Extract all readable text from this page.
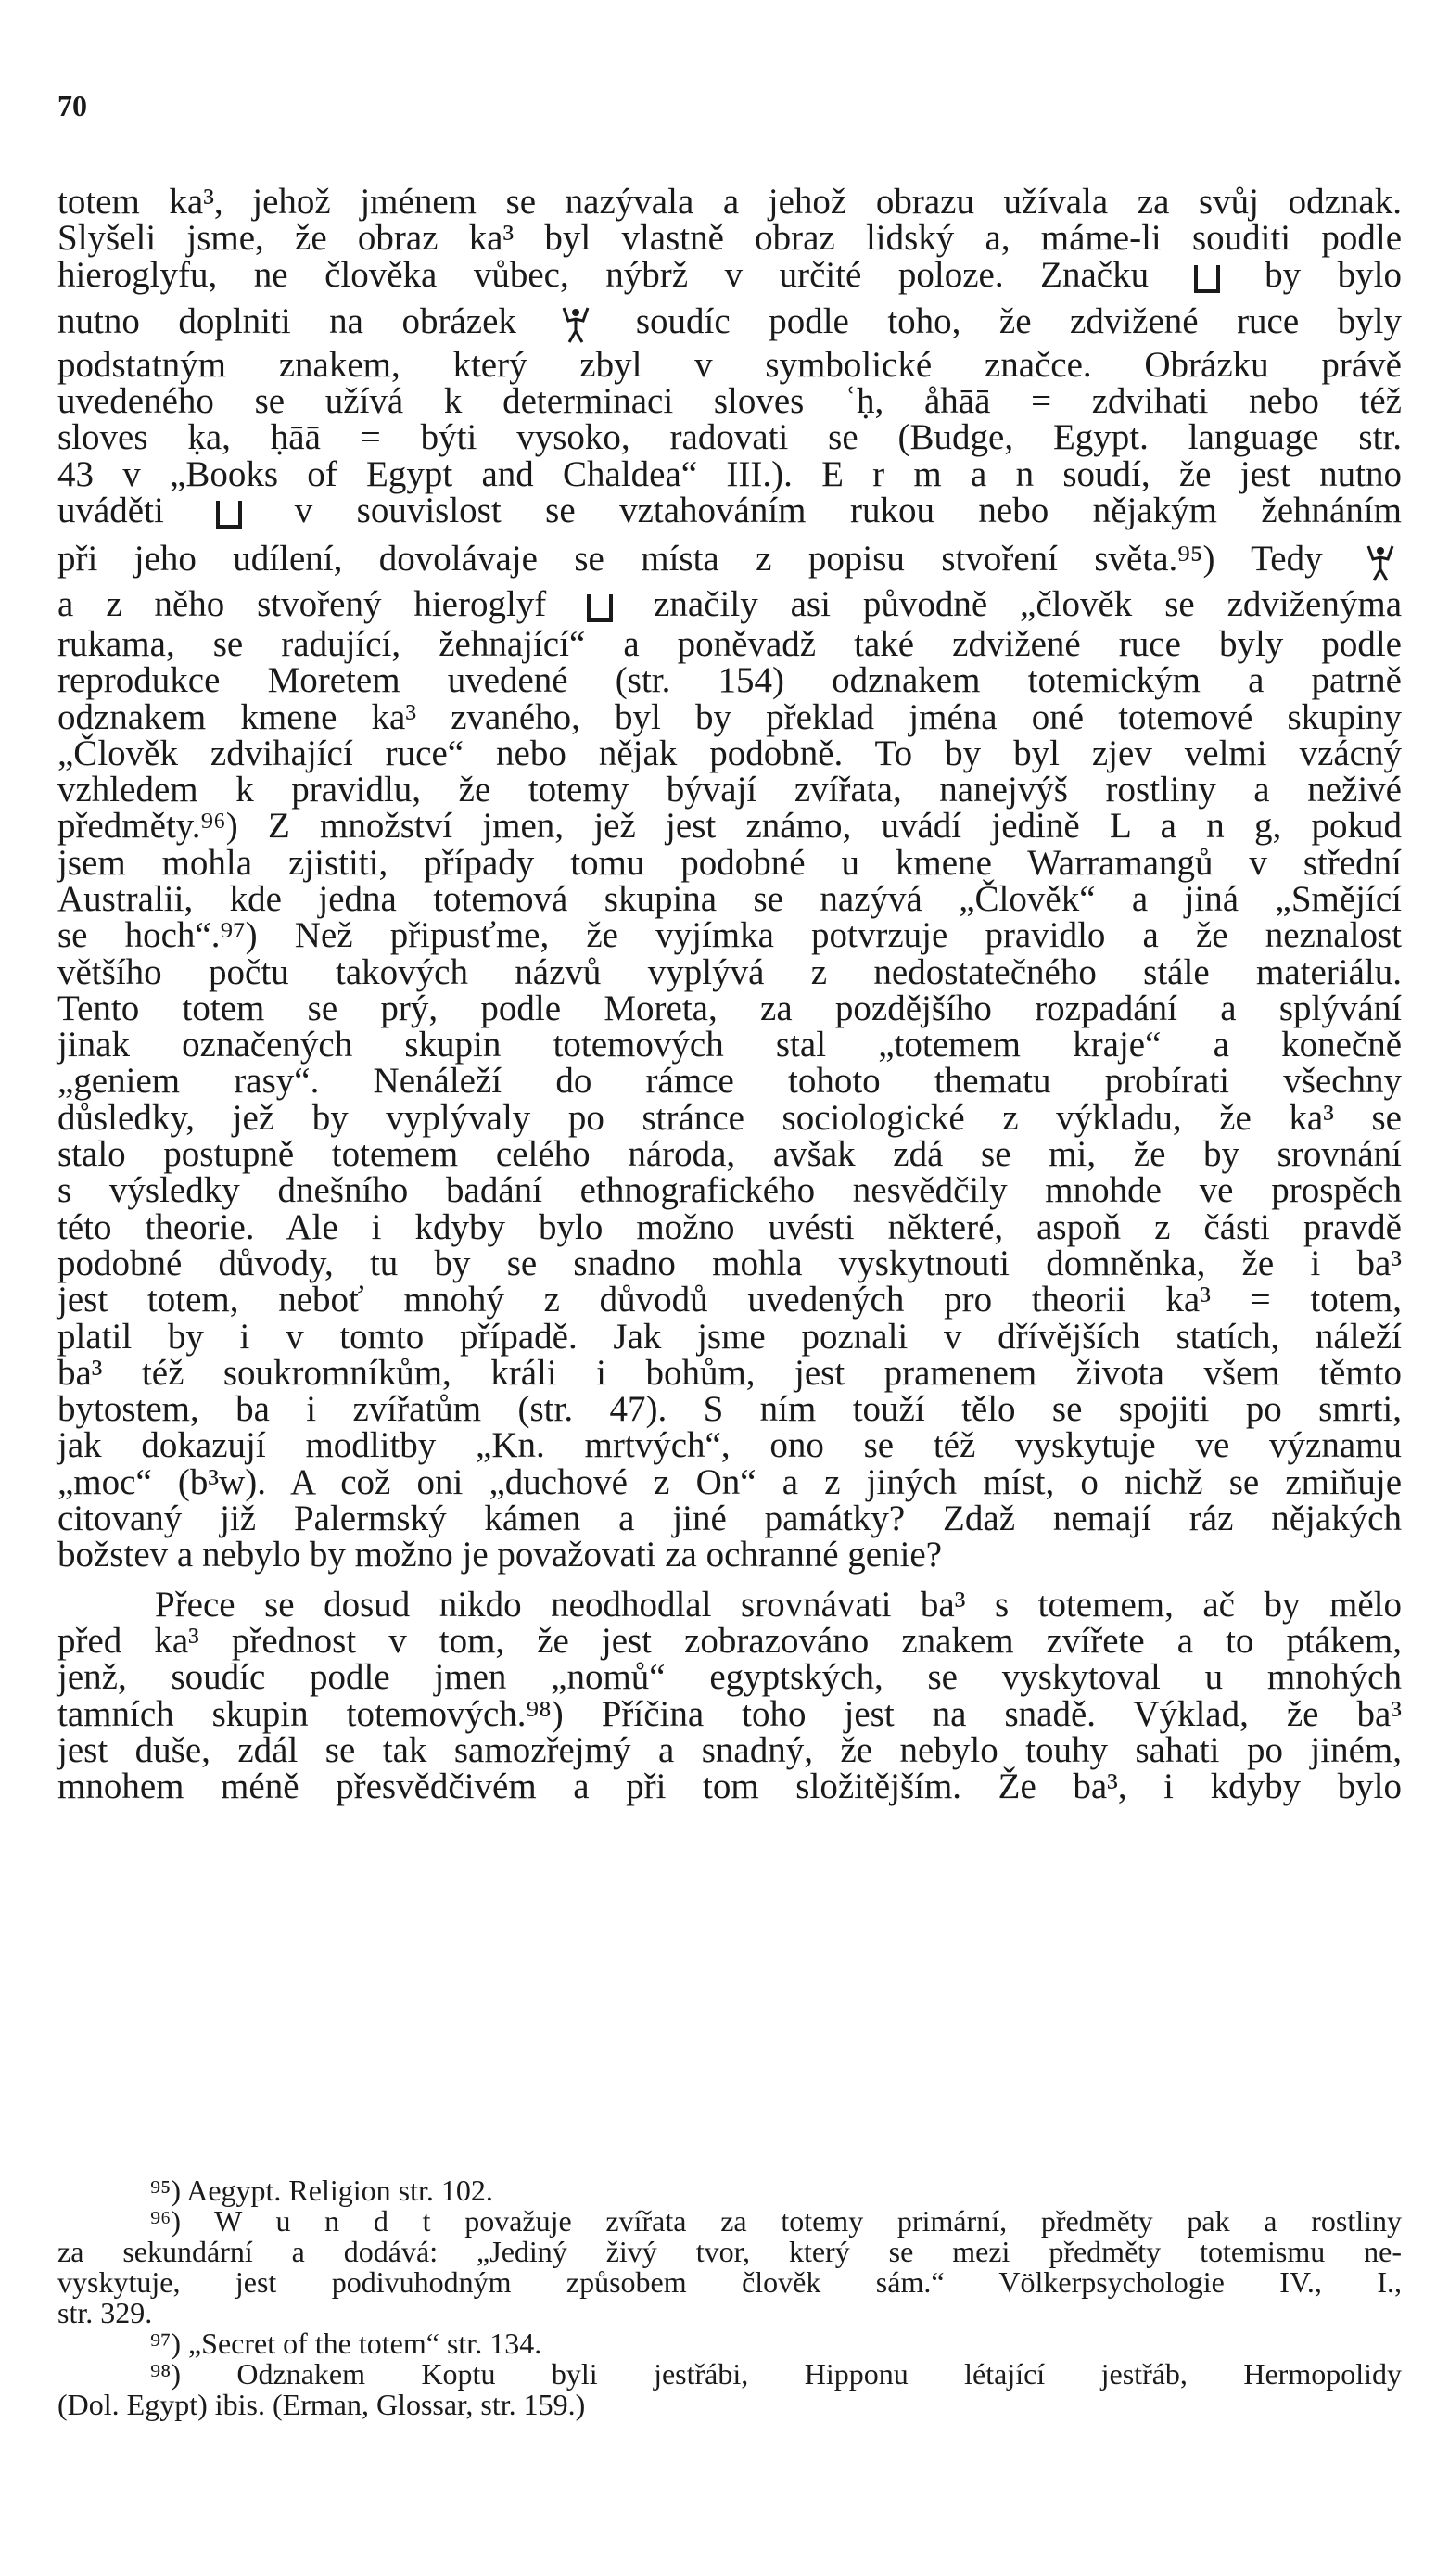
70

totem ka³, jehož jménem se nazývala a jehož obrazu užívala za svůj odznak.

Slyšeli jsme, že obraz ka³ byl vlastně obraz lidský a, máme-li souditi podle

hieroglyfu, ne člověka vůbec, nýbrž v určité poloze. Značku	by bylo

nutno doplniti na obrázek	soudíc podle toho, že zdvižené ruce byly

podstatným znakem, který zbyl v symbolické značce. Obrázku právě

uvedeného se užívá k determinaci sloves ʿḥ, åhāā = zdvihati nebo též

sloves ḳa, ḥāā = býti vysoko, radovati se (Budge, Egypt. language str.

43 v „Books of Egypt and Chaldea“ III.). E r m a n soudí, že jest nutno

uváděti	v souvislost se vztahováním rukou nebo nějakým žehnáním

při jeho udílení, dovolávaje se místa z popisu stvoření světa.⁹⁵) Tedy

a z něho stvořený hieroglyf	značily asi původně „člověk se zdviženýma

rukama, se radující, žehnající“ a poněvadž také zdvižené ruce byly podle

reprodukce Moretem uvedené (str. 154) odznakem totemickým a patrně

odznakem kmene ka³ zvaného, byl by překlad jména oné totemové skupiny

„Člověk zdvihající ruce“ nebo nějak podobně. To by byl zjev velmi vzácný

vzhledem k pravidlu, že totemy bývají zvířata, nanejvýš rostliny a neživé

předměty.⁹⁶) Z množství jmen, jež jest známo, uvádí jedině L a n g, pokud

jsem mohla zjistiti, případy tomu podobné u kmene Warramangů v střední

Australii, kde jedna totemová skupina se nazývá „Člověk“ a jiná „Smějící

se hoch“.⁹⁷) Než připusťme, že vyjímka potvrzuje pravidlo a že neznalost

většího počtu takových názvů vyplývá z nedostatečného stále materiálu.

Tento totem se prý, podle Moreta, za pozdějšího rozpadání a splývání

jinak označených skupin totemových stal „totemem kraje“ a konečně

„geniem rasy“. Nenáleží do rámce tohoto thematu probírati všechny

důsledky, jež by vyplývaly po stránce sociologické z výkladu, že ka³ se

stalo postupně totemem celého národa, avšak zdá se mi, že by srovnání

s výsledky dnešního badání ethnografického nesvědčily mnohde ve prospěch

této theorie. Ale i kdyby bylo možno uvésti některé, aspoň z části pravdě

podobné důvody, tu by se snadno mohla vyskytnouti domněnka, že i ba³

jest totem, neboť mnohý z důvodů uvedených pro theorii ka³ = totem,

platil by i v tomto případě. Jak jsme poznali v dřívějších statích, náleží

ba³ též soukromníkům, králi i bohům, jest pramenem života všem těmto

bytostem, ba i zvířatům (str. 47). S ním touží tělo se spojiti po smrti,

jak dokazují modlitby „Kn. mrtvých“, ono se též vyskytuje ve významu

„moc“ (b³w). A což oni „duchové z On“ a z jiných míst, o nichž se zmiňuje

citovaný již Palermský kámen a jiné památky? Zdaž nemají ráz nějakých

božstev a nebylo by možno je považovati za ochranné genie?

Přece se dosud nikdo neodhodlal srovnávati ba³ s totemem, ač by mělo

před ka³ přednost v tom, že jest zobrazováno znakem zvířete a to ptákem,

jenž, soudíc podle jmen „nomů“ egyptských, se vyskytoval u mnohých

tamních skupin totemových.⁹⁸) Příčina toho jest na snadě. Výklad, že ba³

jest duše, zdál se tak samozřejmý a snadný, že nebylo touhy sahati po jiném,

mnohem méně přesvědčivém a při tom složitějším. Že ba³, i kdyby bylo

⁹⁵) Aegypt. Religion str. 102.

⁹⁶) W u n d t považuje zvířata za totemy primární, předměty pak a rostliny

za sekundární a dodává: „Jediný živý tvor, který se mezi předměty totemismu ne-

vyskytuje, jest podivuhodným způsobem člověk sám.“ Völkerpsychologie IV., I.,

str. 329.

⁹⁷) „Secret of the totem“ str. 134.

⁹⁸) Odznakem Koptu byli jestřábi, Hipponu létající jestřáb, Hermopolidy

(Dol. Egypt) ibis. (Erman, Glossar, str. 159.)
